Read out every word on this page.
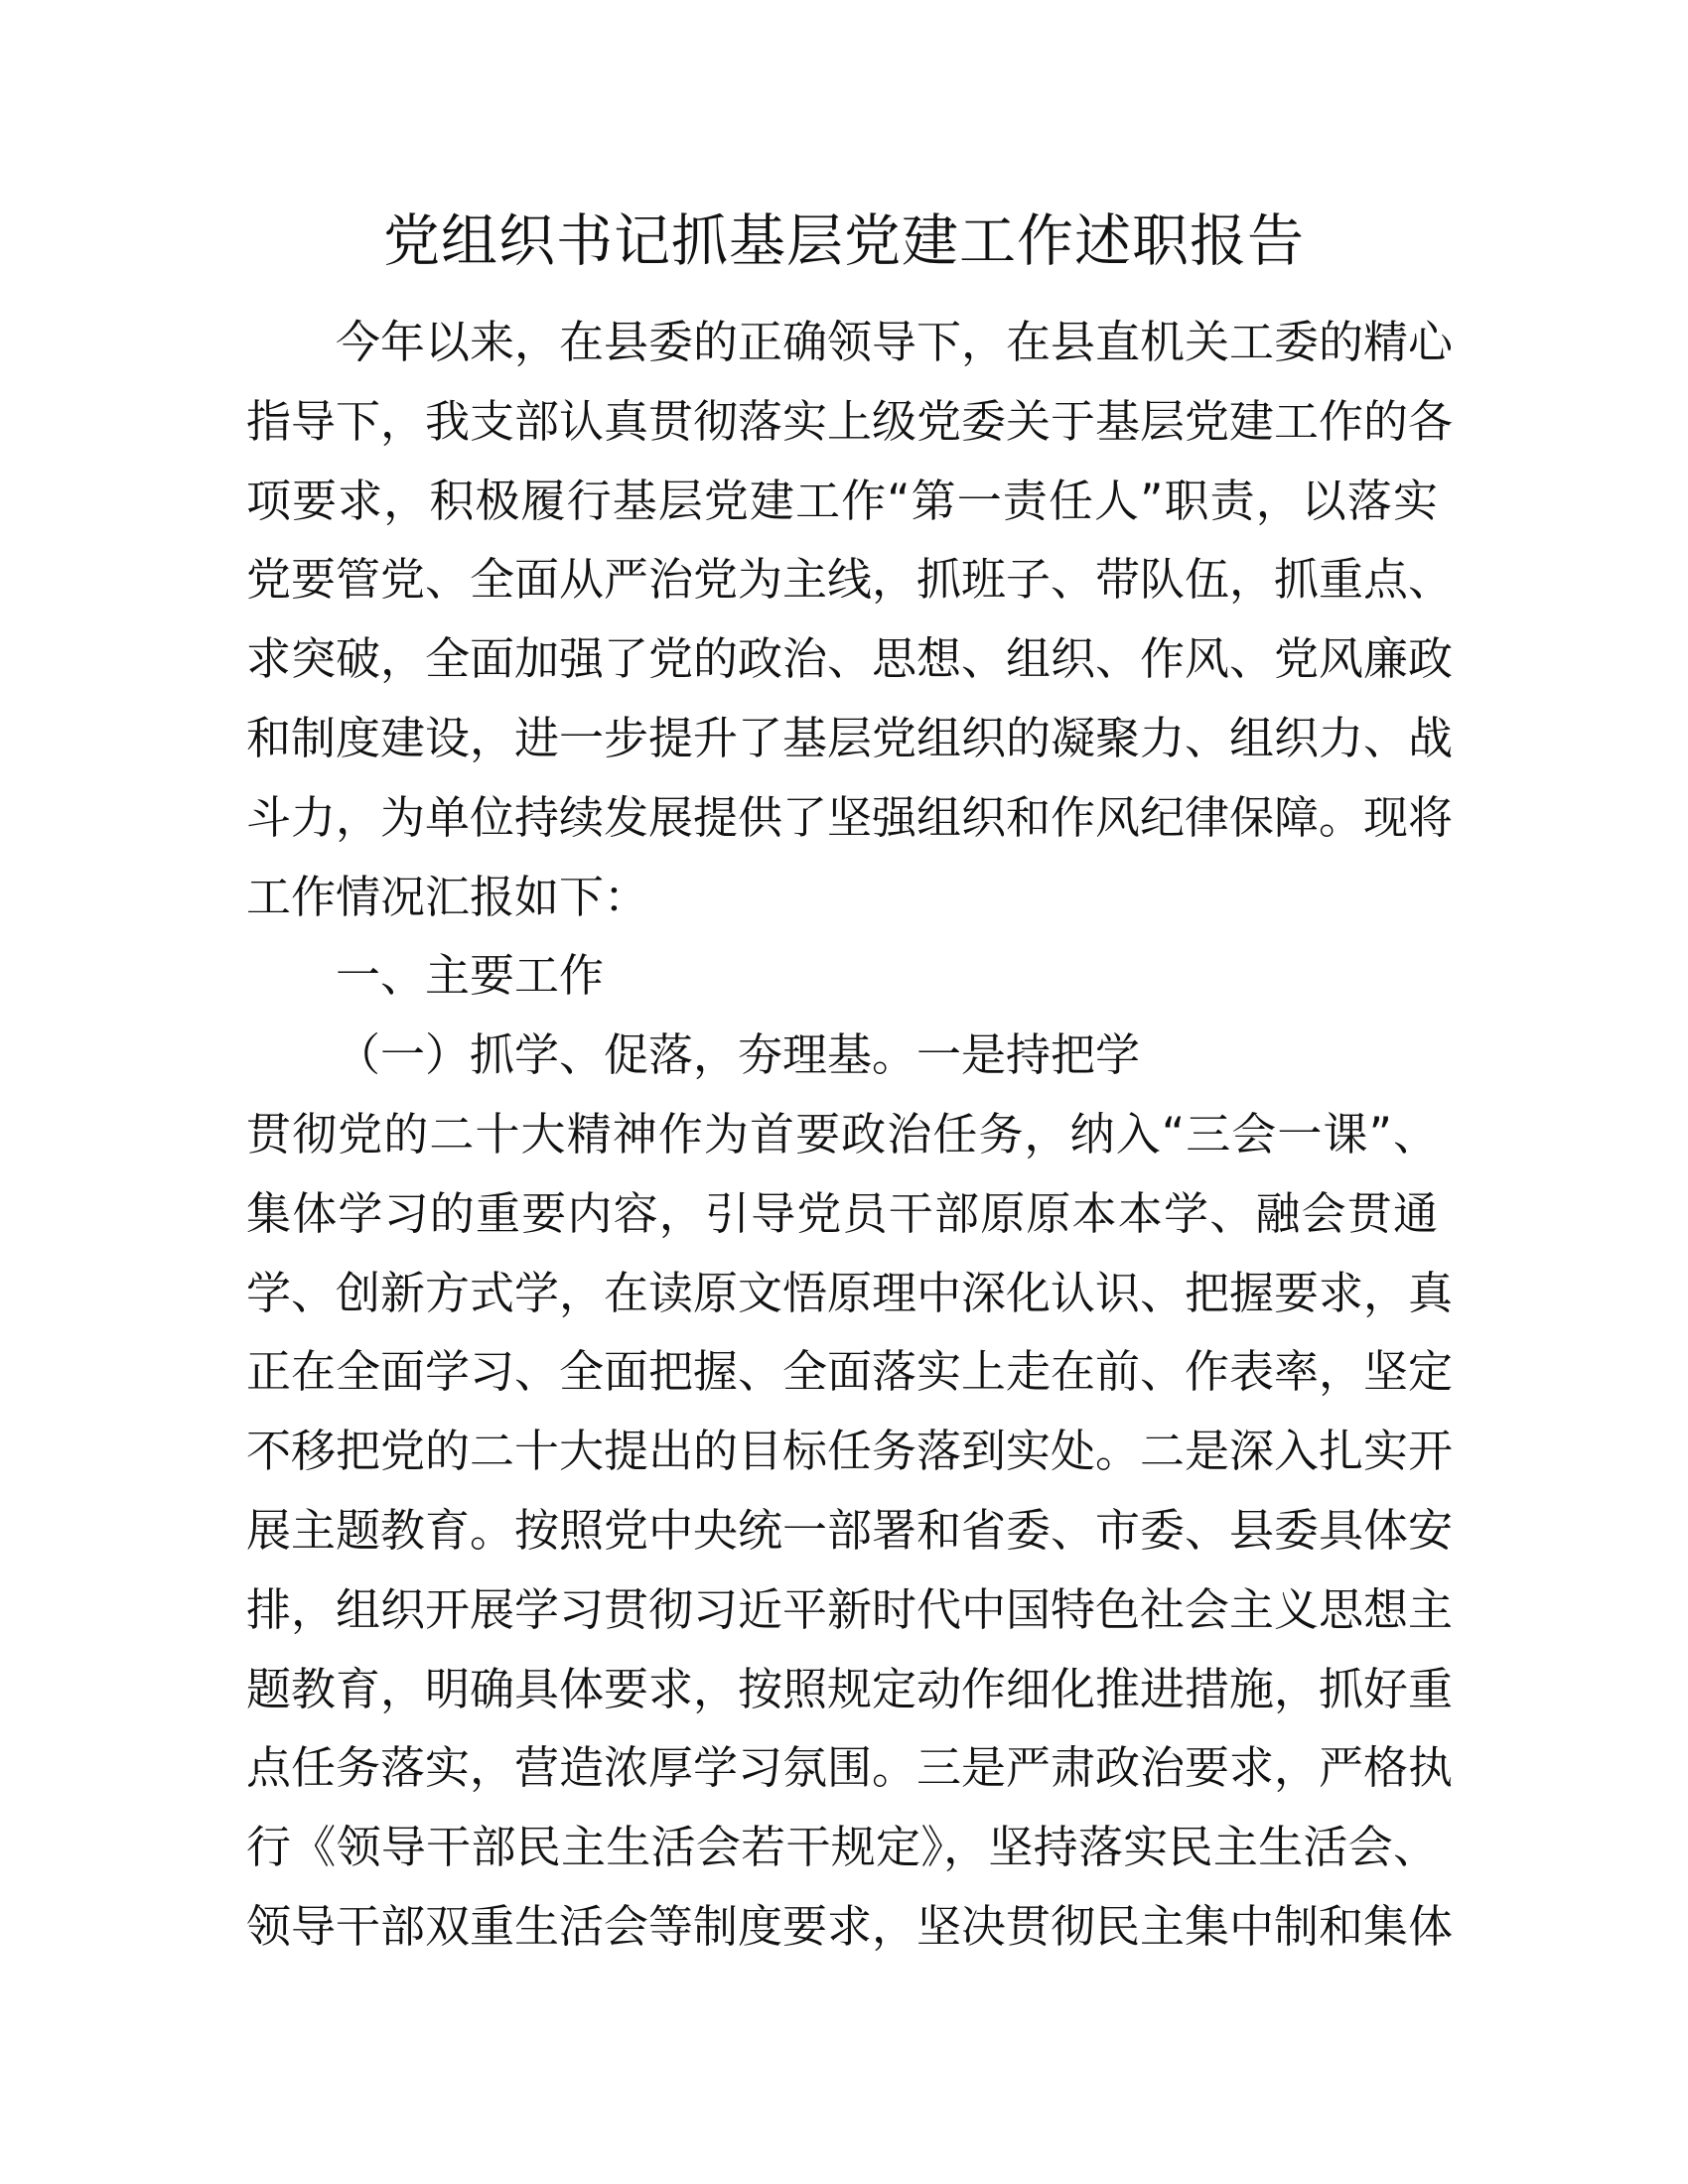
党组织书记抓基层党建工作述职报告
今年以来，在县委的正确领导下，在县直机关工委的精心
指导下，我支部认真贯彻落实上级党委关于基层党建工作的各
项要求，积极履行基层党建工作“第一责任人”职责，以落实
党要管党、全面从严治党为主线，抓班子、带队伍，抓重点、
求突破，全面加强了党的政治、思想、组织、作风、党风廉政
和制度建设，进一步提升了基层党组织的凝聚力、组织力、战
斗力，为单位持续发展提供了坚强组织和作风纪律保障。现将
工作情况汇报如下：
一、主要工作
（一）抓学、促落，夯理基。一是持把学
贯彻党的二十大精神作为首要政治任务，纳入“三会一课”、
集体学习的重要内容，引导党员干部原原本本学、融会贯通
学、创新方式学，在读原文悟原理中深化认识、把握要求，真
正在全面学习、全面把握、全面落实上走在前、作表率，坚定
不移把党的二十大提出的目标任务落到实处。二是深入扎实开
展主题教育。按照党中央统一部署和省委、市委、县委具体安
排，组织开展学习贯彻习近平新时代中国特色社会主义思想主
题教育，明确具体要求，按照规定动作细化推进措施，抓好重
点任务落实，营造浓厚学习氛围。三是严肃政治要求，严格执
行《领导干部民主生活会若干规定》，坚持落实民主生活会、
领导干部双重生活会等制度要求，坚决贯彻民主集中制和集体
